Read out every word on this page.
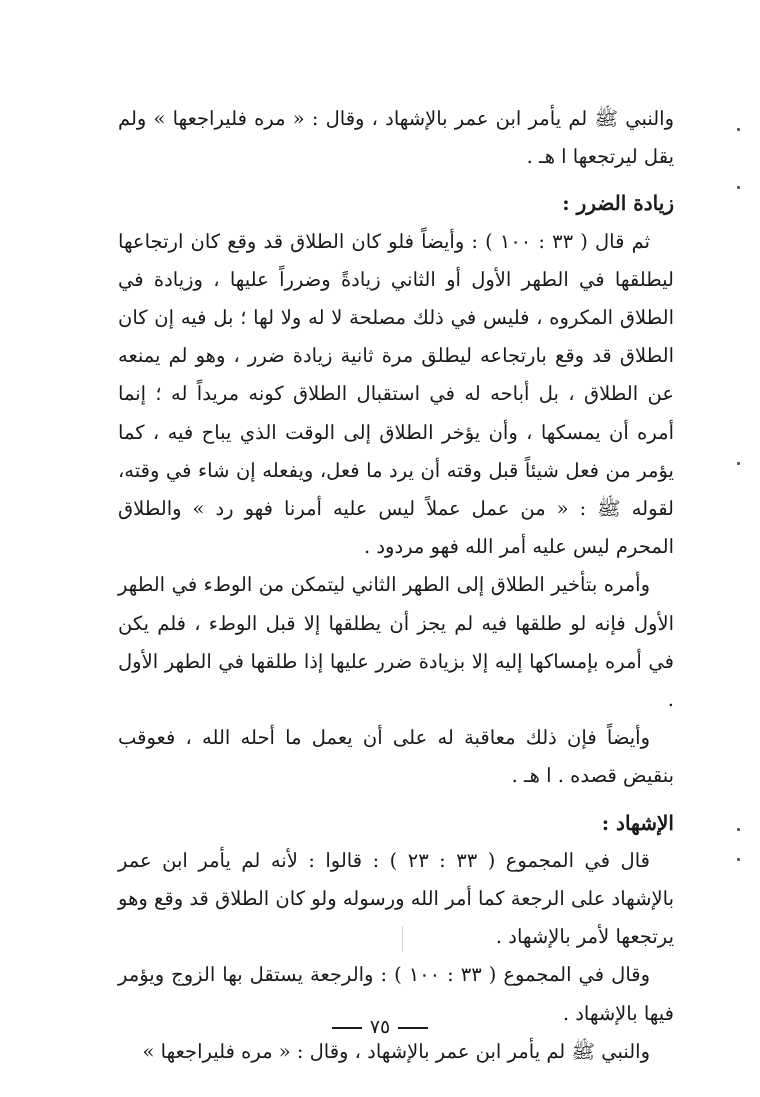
والنبي ﷺ لم يأمر ابن عمر بالإشهاد ، وقال : « مره فليراجعها » ولم يقل ليرتجعها ا هـ .

زيادة الضرر :

ثم قال ( ٣٣ : ١٠٠ ) : وأيضاً فلو كان الطلاق قد وقع كان ارتجاعها ليطلقها في الطهر الأول أو الثاني زيادةً وضرراً عليها ، وزيادة في الطلاق المكروه ، فليس في ذلك مصلحة لا له ولا لها ؛ بل فيه إن كان الطلاق قد وقع بارتجاعه ليطلق مرة ثانية زيادة ضرر ، وهو لم يمنعه عن الطلاق ، بل أباحه له في استقبال الطلاق كونه مريداً له ؛ إنما أمره أن يمسكها ، وأن يؤخر الطلاق إلى الوقت الذي يباح فيه ، كما يؤمر من فعل شيئاً قبل وقته أن يرد ما فعل، ويفعله إن شاء في وقته، لقوله ﷺ : « من عمل عملاً ليس عليه أمرنا فهو رد » والطلاق المحرم ليس عليه أمر الله فهو مردود .

وأمره بتأخير الطلاق إلى الطهر الثاني ليتمكن من الوطء في الطهر الأول فإنه لو طلقها فيه لم يجز أن يطلقها إلا قبل الوطء ، فلم يكن في أمره بإمساكها إليه إلا بزيادة ضرر عليها إذا طلقها في الطهر الأول .

وأيضاً فإن ذلك معاقبة له على أن يعمل ما أحله الله ، فعوقب بنقيض قصده . ا هـ .

الإشهاد :

قال في المجموع ( ٣٣ : ٢٣ ) : قالوا : لأنه لم يأمر ابن عمر بالإشهاد على الرجعة كما أمر الله ورسوله ولو كان الطلاق قد وقع وهو يرتجعها لأمر بالإشهاد .

وقال في المجموع ( ٣٣ : ١٠٠ ) : والرجعة يستقل بها الزوج ويؤمر فيها بالإشهاد .

والنبي ﷺ لم يأمر ابن عمر بالإشهاد ، وقال : « مره فليراجعها »

٧٥
